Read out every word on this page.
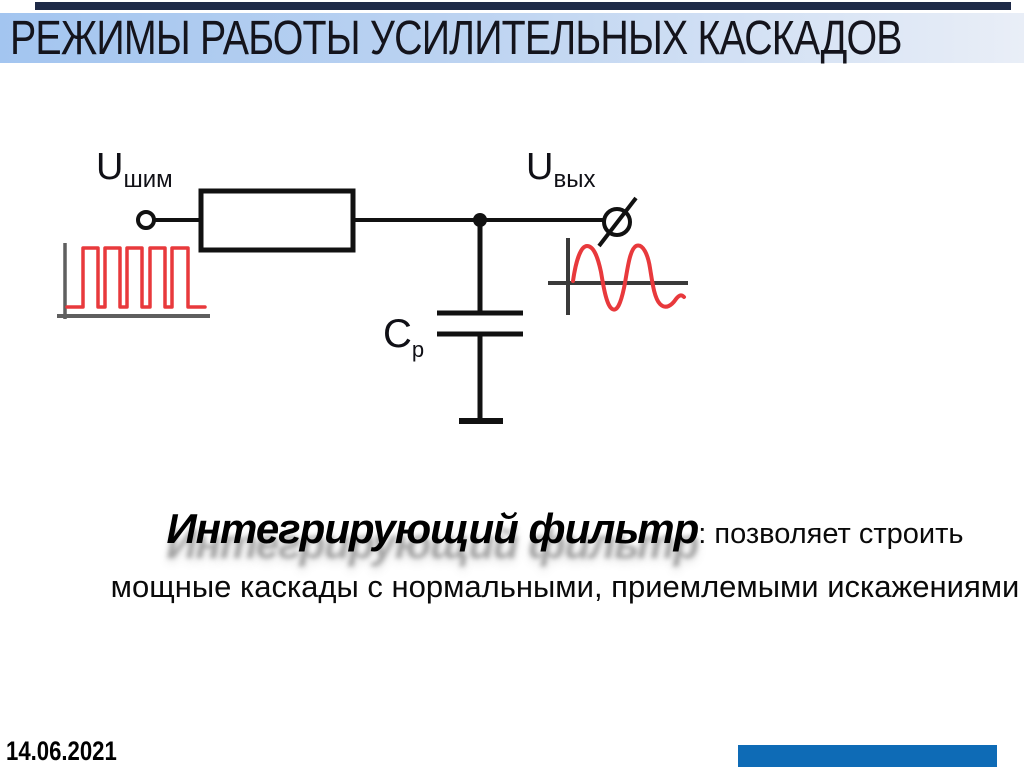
РЕЖИМЫ РАБОТЫ УСИЛИТЕЛЬНЫХ КАСКАДОВ
Uшим	Uвых
Cp

Интегрирующий фильтр: позволяет строить

мощные каскады с нормальными, приемлемыми искажениями

14.06.2021
